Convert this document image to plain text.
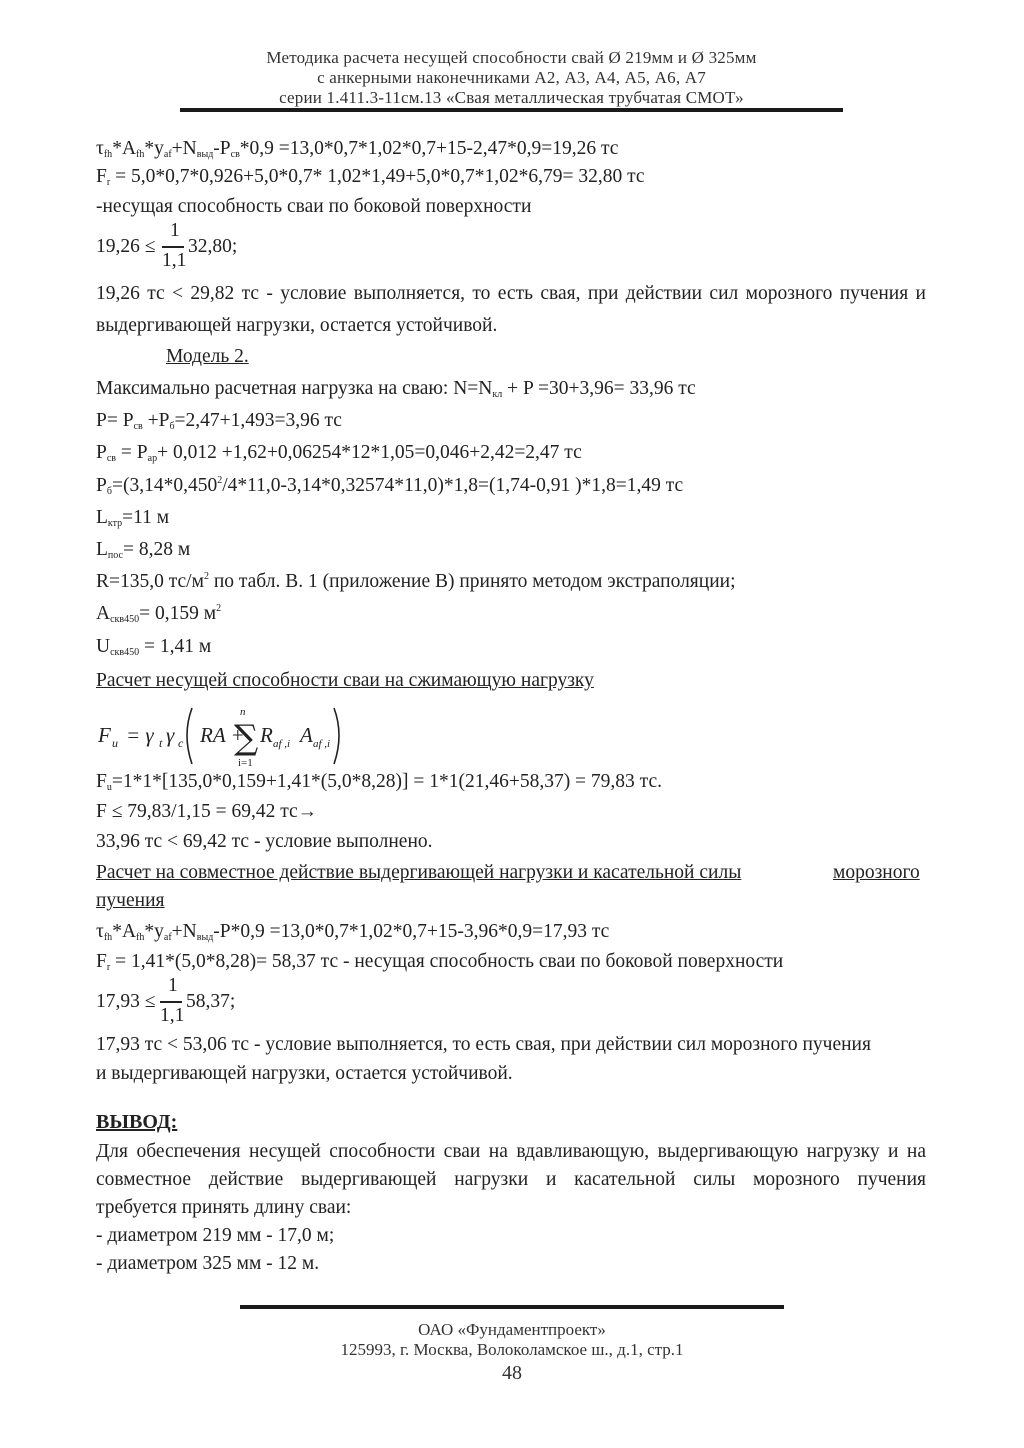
Методика расчета несущей способности свай Ø 219мм и Ø 325мм
с анкерными наконечниками А2, А3, А4, А5, А6, А7
серии 1.411.3-11см.13 «Свая металлическая трубчатая СМОТ»
$\tau_{fh}*A_{fh}*y_{af}+N_{выд}-P_{св}*0,9 =13,0*0,7*1,02*0,7+15-2,47*0,9=19,26$ тс
$F_r = 5,0*0,7*0,926+5,0*0,7*$ 1,02*1,49+5,0*0,7*1,02*6,79= 32,80 тс
-несущая способность сваи по боковой поверхности
19,26 ≤
1
1,1
32,80;
19,26 тс < 29,82 тс - условие выполняется, то есть свая, при действии сил морозного пучения и
выдергивающей нагрузки, остается устойчивой.
Модель 2.
Максимально расчетная нагрузка на сваю: $N=N_{кл} + P =30+3,96= 33,96$ тс
$P= P_{св} +P_б=2,47+1,493=3,96$ тс
$P_{св} = P_{ар}+ 0,012 +1,62+0,06254*12*1,05=0,046+2,42=2,47$ тс
$P_б=(3,14*0,450^2/4*11,0-3,14*0,32574*11,0)*1,8=(1,74-0,91$ )*1,8=1,49 тс
$L_{ктр}=11$ м
$L_{пос}= 8,28$ м
R=135,0 $тс/м^2$ по табл. В. 1 (приложение В) принято методом экстраполяции;
$A_{скв450}= 0,159$ $м^2$
$U_{скв450} = 1,41$ м
Расчет несущей способности сваи на сжимающую нагрузку
F u = γ t γ c RA +
n
i=1
R af ,i A af ,i
∑
$F_u=1*1*[135,0*0,159+1,41*(5,0*8,28)] = 1*1(21,46+58,37) = 79,83$ тс.
F ≤ 79,83/1,15 = 69,42 тс→
33,96 тс < 69,42 тс - условие выполнено.
Расчет на совместное действие выдергивающей нагрузки и касательной силы	морозного
пучения
$\tau_{fh}*A_{fh}*y_{af}+N_{выд}-P*0,9 =13,0*0,7*1,02*0,7+15-3,96*0,9=17,93$ тс
$F_r = 1,41*(5,0*8,28)= 58,37$ тс - несущая способность сваи по боковой поверхности
17,93 ≤
1
1,1
58,37;
17,93 тс < 53,06 тс - условие выполняется, то есть свая, при действии сил морозного пучения
и выдергивающей нагрузки, остается устойчивой.
ВЫВОД:
Для обеспечения несущей способности сваи на вдавливающую, выдергивающую нагрузку и на
совместное действие выдергивающей нагрузки и касательной силы морозного пучения
требуется принять длину сваи:
- диаметром 219 мм - 17,0 м;
- диаметром 325 мм - 12 м.
ОАО «Фундаментпроект»
125993, г. Москва, Волоколамское ш., д.1, стр.1
48
